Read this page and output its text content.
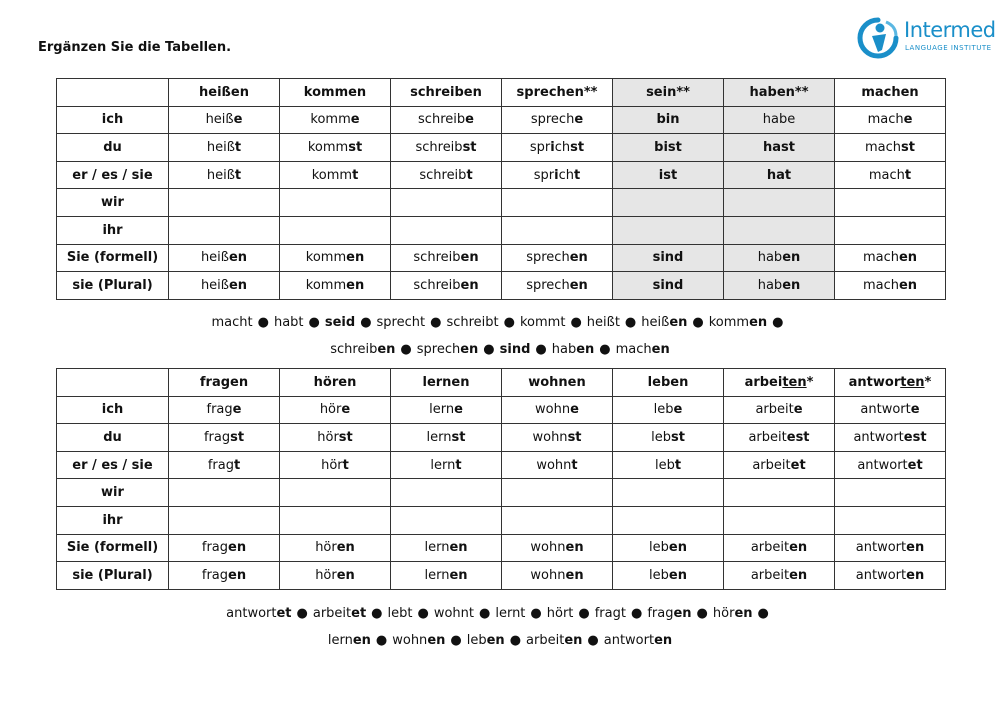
Ergänzen Sie die Tabellen.
Intermed
LANGUAGE INSTITUTE
	heißen	kommen	schreiben	sprechen**	sein**	haben**	machen
ich	heiße	komme	schreibe	spreche	bin	habe	mache
du	heißt	kommst	schreibst	sprichst	bist	hast	machst
er / es / sie	heißt	kommt	schreibt	spricht	ist	hat	macht
wir							
ihr							
Sie (formell)	heißen	kommen	schreiben	sprechen	sind	haben	machen
sie (Plural)	heißen	kommen	schreiben	sprechen	sind	haben	machen
macht ● habt ● seid ● sprecht ● schreibt ● kommt ● heißt ● heißen ● kommen ●
schreiben ● sprechen ● sind ● haben ● machen
	fragen	hören	lernen	wohnen	leben	arbeiten*	antworten*
ich	frage	höre	lerne	wohne	lebe	arbeite	antworte
du	fragst	hörst	lernst	wohnst	lebst	arbeitest	antwortest
er / es / sie	fragt	hört	lernt	wohnt	lebt	arbeitet	antwortet
wir							
ihr							
Sie (formell)	fragen	hören	lernen	wohnen	leben	arbeiten	antworten
sie (Plural)	fragen	hören	lernen	wohnen	leben	arbeiten	antworten
antwortet ● arbeitet ● lebt ● wohnt ● lernt ● hört ● fragt ● fragen ● hören ●
lernen ● wohnen ● leben ● arbeiten ● antworten
